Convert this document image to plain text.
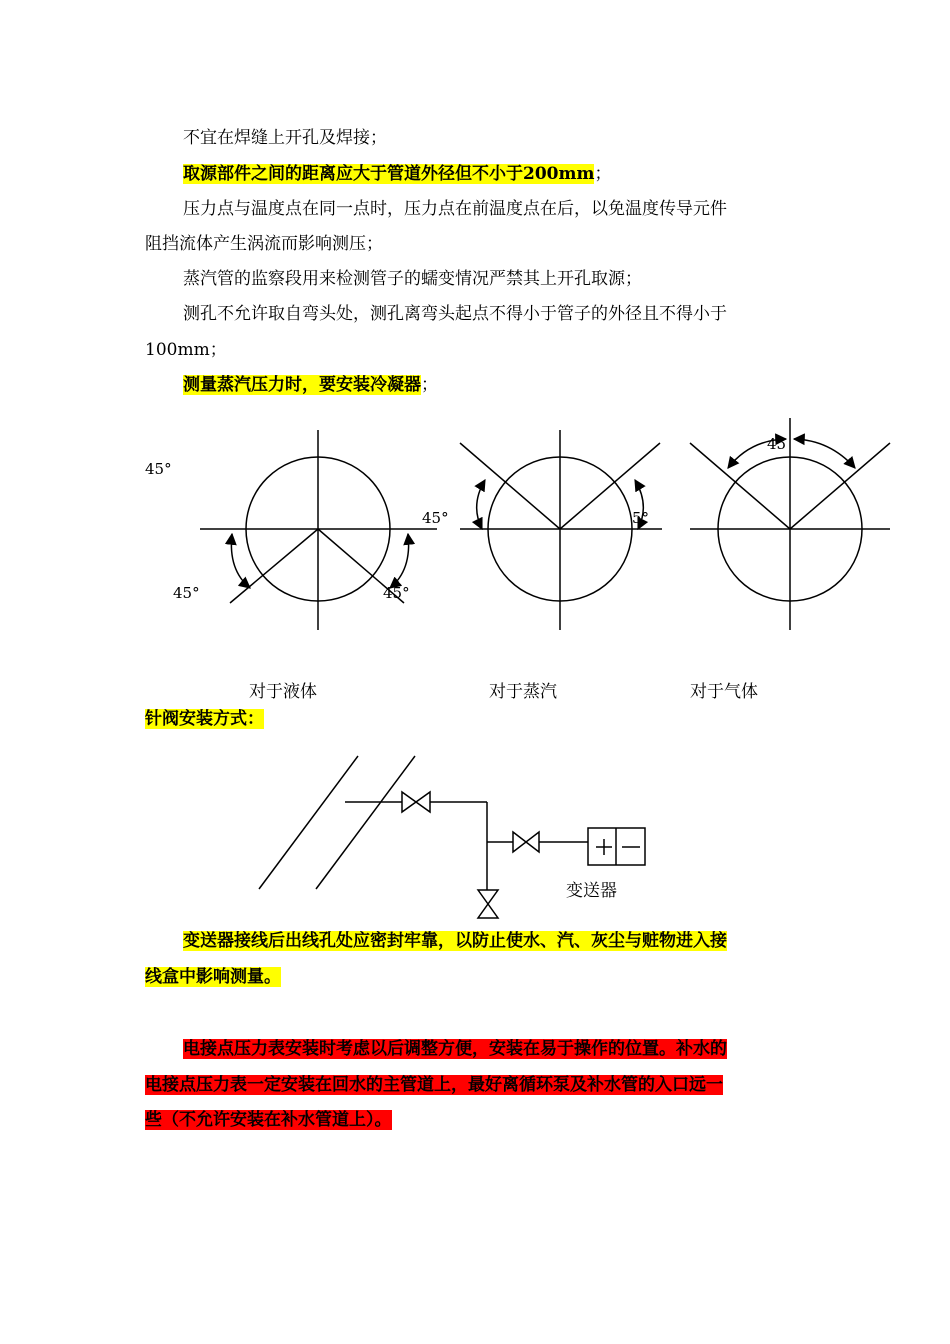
不宜在焊缝上开孔及焊接；
取源部件之间的距离应大于管道外径但不小于200mm；
压力点与温度点在同一点时，压力点在前温度点在后，以免温度传导元件
阻挡流体产生涡流而影响测压；
蒸汽管的监察段用来检测管子的蠕变情况严禁其上开孔取源；
测孔不允许取自弯头处，测孔离弯头起点不得小于管子的外径且不得小于
100mm；
测量蒸汽压力时，要安装冷凝器；
45°
45°	45°
45°	5°
45
对于液体	对于蒸汽	对于气体
针阀安装方式：
变送器
变送器接线后出线孔处应密封牢靠，以防止使水、汽、灰尘与赃物进入接
线盒中影响测量。
电接点压力表安装时考虑以后调整方便，安装在易于操作的位置。补水的
电接点压力表一定安装在回水的主管道上，最好离循环泵及补水管的入口远一
些（不允许安装在补水管道上）。
